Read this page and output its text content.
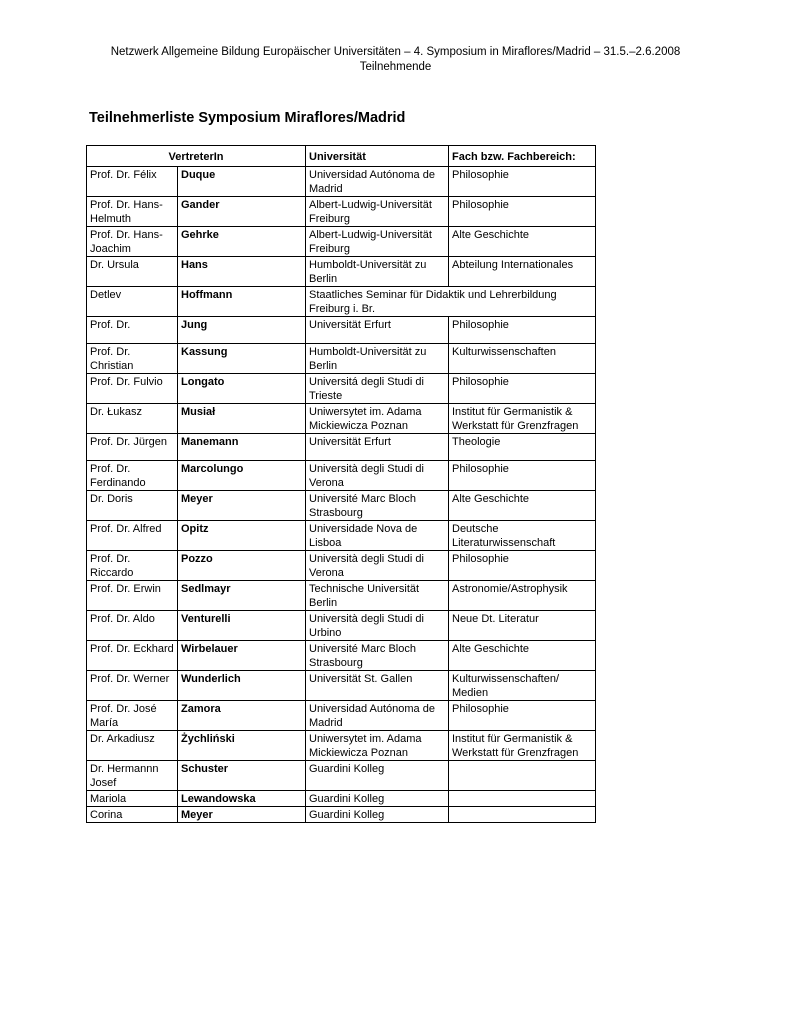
Netzwerk Allgemeine Bildung Europäischer Universitäten – 4. Symposium in Miraflores/Madrid – 31.5.–2.6.2008
Teilnehmende
Teilnehmerliste Symposium Miraflores/Madrid
VertreterIn		Universität	Fach bzw. Fachbereich:
Prof. Dr. Félix	Duque	Universidad Autónoma de Madrid	Philosophie
Prof. Dr. Hans-Helmuth	Gander	Albert-Ludwig-Universität Freiburg	Philosophie
Prof. Dr. Hans-Joachim	Gehrke	Albert-Ludwig-Universität Freiburg	Alte Geschichte
Dr. Ursula	Hans	Humboldt-Universität zu Berlin	Abteilung Internationales
Detlev	Hoffmann	Staatliches Seminar für Didaktik und Lehrerbildung Freiburg i. Br.	
Prof. Dr.	Jung	Universität Erfurt	Philosophie
Prof. Dr. Christian	Kassung	Humboldt-Universität zu Berlin	Kulturwissenschaften
Prof. Dr. Fulvio	Longato	Universitá degli Studi di Trieste	Philosophie
Dr. Łukasz	Musiał	Uniwersytet im. Adama Mickiewicza Poznan	Institut für Germanistik & Werkstatt für Grenzfragen
Prof. Dr. Jürgen	Manemann	Universität Erfurt	Theologie
Prof. Dr. Ferdinando	Marcolungo	Università degli Studi di Verona	Philosophie
Dr. Doris	Meyer	Université Marc Bloch Strasbourg	Alte Geschichte
Prof. Dr. Alfred	Opitz	Universidade Nova de Lisboa	Deutsche Literaturwissenschaft
Prof. Dr. Riccardo	Pozzo	Università degli Studi di Verona	Philosophie
Prof. Dr. Erwin	Sedlmayr	Technische Universität Berlin	Astronomie/Astrophysik
Prof. Dr. Aldo	Venturelli	Università degli Studi di Urbino	Neue Dt. Literatur
Prof. Dr. Eckhard	Wirbelauer	Université Marc Bloch Strasbourg	Alte Geschichte
Prof. Dr. Werner	Wunderlich	Universität St. Gallen	Kulturwissenschaften/ Medien
Prof. Dr. José María	Zamora	Universidad Autónoma de Madrid	Philosophie
Dr. Arkadiusz	Żychliński	Uniwersytet im. Adama Mickiewicza Poznan	Institut für Germanistik & Werkstatt für Grenzfragen
Dr. Hermannn Josef	Schuster	Guardini Kolleg	
Mariola	Lewandowska	Guardini Kolleg	
Corina	Meyer	Guardini Kolleg	
